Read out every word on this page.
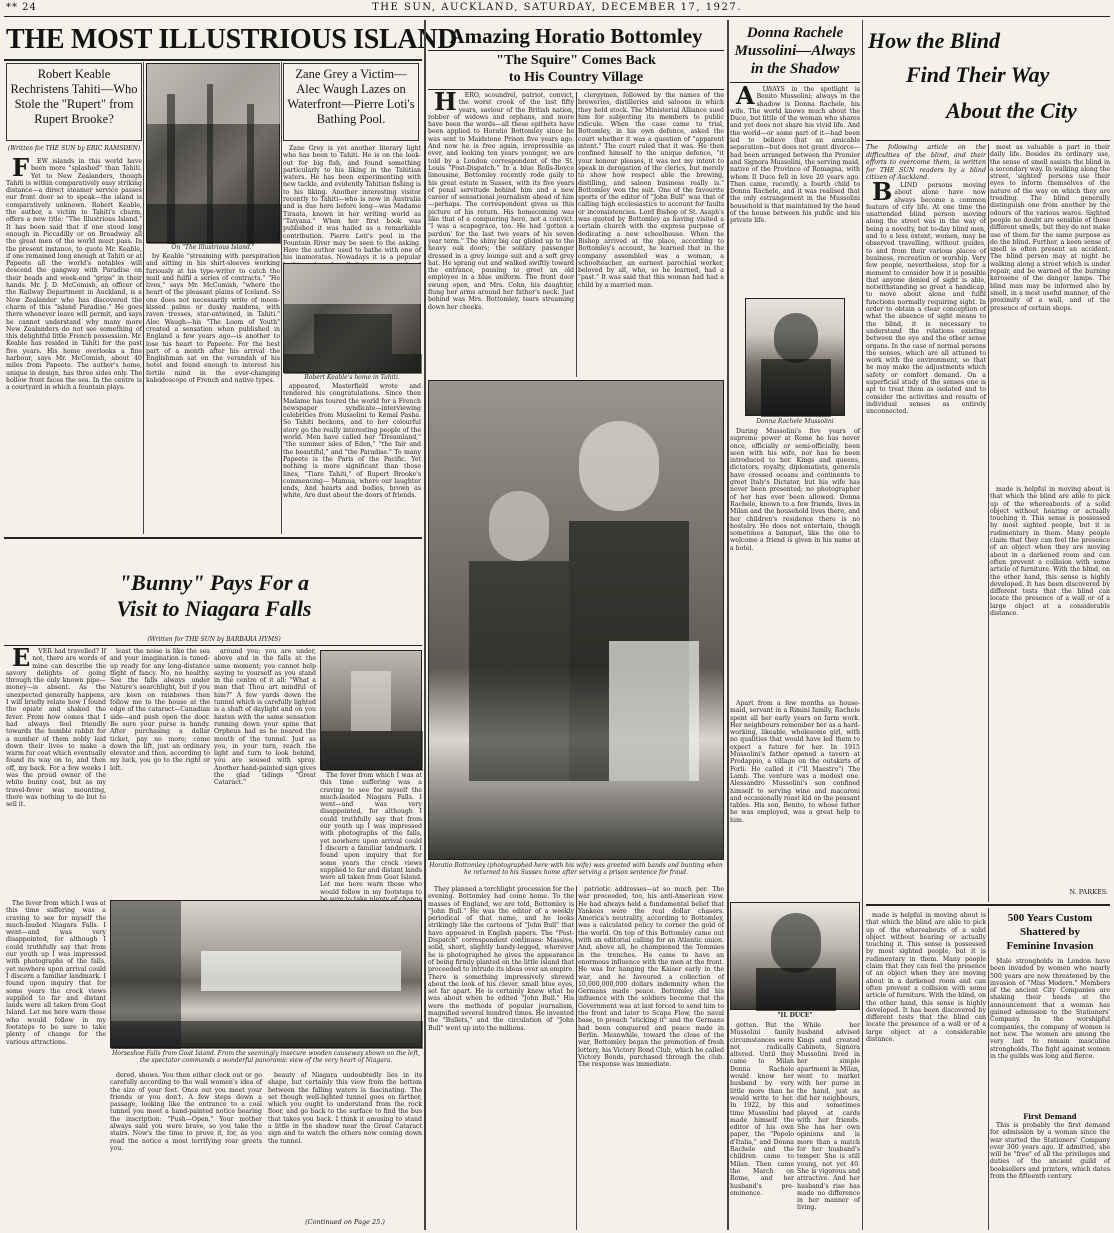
** 24	THE SUN, AUCKLAND, SATURDAY, DECEMBER 17, 1927.
THE MOST ILLUSTRIOUS ISLAND
Robert Keable Rechristens Tahiti—Who Stole the "Rupert" from Rupert Brooke?
Zane Grey a Victim—Alec Waugh Lazes on Waterfront—Pierre Loti's Bathing Pool.
On "The Illustrious Island."
(Written for THE SUN by ERIC RAMSDEN)

FEW islands in this world have been more "splashed" than Tahiti. Yet to New Zealanders, though Tahiti is within comparatively easy striking distance—a direct steamer service passes our front door so to speak—the island is comparatively unknown. Robert Keable, the author, a victim to Tahiti's charm, offers a new title: "The Illustrious Island." It has been said that if one stood long enough in Piccadilly or on Broadway all the great men of the world must pass. In the present instance, to quote Mr. Keable, if one remained long enough at Tahiti or at Papeete all the world's notables will descend the gangway with Paradise on their heads and week-end "grips" in their hands. Mr. J. D. McComish, an officer of the Railway Department in Auckland, is a New Zealander who has discovered the charm of this "island Paradise." He goes there whenever leave will permit, and says he cannot understand why many more New Zealanders do not see something of this delightful little French possession. Mr. Keable has resided in Tahiti for the past five years. His home overlooks a fine harbour, says Mr. McComish, about 40 miles from Papeete. The author's home, unique in design, has three sides only. The hollow front faces the sea. In the centre is a courtyard in which a fountain plays.

by Keable "streaming with perspiration and sitting in his shirt-sleeves working furiously at his type-writer to catch the mail and fulfil a series of contracts." "He lives," says Mr. McComish, "where the heart of the pleasant plains of Iceland. So one does not necessarily write of moon-kissed palms or dusky maidens, with raven tresses, star-entwined, in Tahiti." Alec Waugh—his "The Loom of Youth" created a sensation when published in England a few years ago—is another to lose his heart to Papeete. For the best part of a month after his arrival the Englishman sat on the verandah of his hotel and found enough to interest his fertile mind in the ever-changing kaleidoscope of French and native types.

Zane Grey is yet another literary light who has been to Tahiti. He is on the look-out for big fish, and found something particularly to his liking in the Tahitian waters. He has been experimenting with new tackle, and evidently Tahitian fishing is to his liking. Another interesting visitor recently to Tahiti—who is now in Australia and is due here before long—was Madame Tiraata, known in her writing world as "Tatyana." When her first book was published it was hailed as a remarkable contribution. Pierre Loti's pool in the Fountain River may be seen to the asking. Here the author used to bathe with one of his inamoratas. Nowadays it is a popular

Robert Keable's home in Tahiti.

appeared, Masterfield wrote and tendered his congratulations. Since then Madame has toured the world for a French newspaper syndicate—interviewing celebrities from Mussolini to Kemal Pasha. So Tahiti beckons, and to her colourful story go the really interesting people of the world. Men have called her "Dreamland," "the summer isles of Eden," "the fair and the beautiful," and "the Paradise." To many Papeete is the Paris of the Pacific. Yet nothing is more significant than those lines, "Tiare Tahiti," of Rupert Brooke's commencing— Mamua, where our laughter ends, And hearts and bodies, brown as white, Are dust about the doors of friends.

"Bunny" Pays For a
Visit to Niagara Falls
(Written for THE SUN by BARBARA HYMS)

EVER had travelled? If not, there are words of mine can describe the savory delights of going through the only known pipe—money—is absent. As the unexpected generally happens, I will briefly relate how I found the opiate and shaked the fever. From how comes that I had always feel friendly towards the humble rabbit for a number of them nobly laid down their lives to make a warm fur coat which eventually found its way on to, and then off, my back. For a few weeks I was the proud owner of the white bunny coat, but as my travel-fever was mounting, there was nothing to do but to sell it.

least the noise is like the sea and your imagination is tuned-up ready for any long-distance flight of fancy. No, no healthy. See the falls always under Nature's searchlight, but if you are keen on rainbows then follow me to the house at the edge of the cataract—Canadian side—and push open the door. Be sure your purse is handy. After purchasing a dollar ticket, pay no more; come down the lift, just an ordinary elevator and then, according to my luck, you go to the right or left.

around you; you are under, above and in the falls at the same moment; you cannot help saying to yourself as you stand in the centre of it all: "What a man that Thou art mindful of him?" A few yards down the tunnel which is carefully lighted is a shaft of daylight and on you hasten with the same sensation running down your spine that Orpheus had as he neared the mouth of the tunnel. Just as you, in your turn, reach the light and turn to look behind, you are soused with spray. Another hand-painted sign gives the glad tidings "Great Cataract."

The fever from which I was at this time suffering was a craving to see for myself the much-lauded Niagara Falls. I went—and was very disappointed, for although I could truthfully say that from our youth up I was impressed with photographs of the falls, yet nowhere upon arrival could I discern a familiar landmark. I found upon inquiry that for some years the crock views supplied to far and distant lands were all taken from Goat Island. Let me here warn those who would follow in my footsteps to

The fever from which I was at this time suffering was a craving to see for myself the much-lauded Niagara Falls. I went—and was very disappointed, for although I could truthfully say that from our youth up I was impressed with photographs of the falls, yet nowhere upon arrival could I discern a familiar landmark. I found upon inquiry that for some years the crock views supplied to far and distant lands were all taken from Goat Island. Let me here warn those who would follow in my footsteps to be sure to take plenty of change for the various attractions.

Horseshoe Falls from Goat Island. From the seemingly insecure wooden causeway shown on the left, the spectator commands a wonderful panoramic view of the very heart of Niagara.

dered, shows. You then either clock out or go carefully according to the wall women's idea of the size of your feet. Once out you meet your friends or you don't. A few steps down a passage, looking like the entrance to a coal tunnel you meet a hand-painted notice bearing the inscription: "Push—Open." Your mother always said you were brave, so you take the stairs. Now's the time to prove it, for, as you read the notice a most terrifying roar greets you.

beauty of Niagara undoubtedly lies in its shape, but certainly this view from the bottom between the falling waters is fascinating. The set though well-lighted tunnel goes on farther, which you ought to understand from the rock floor, and go back to the surface to find the bus that takes you back. I think it amusing to stand a little in the shadow near the Great Cataract sign and to watch the others now coming down the tunnel.

(Continued on Page 25.)
Amazing Horatio Bottomley
"The Squire" Comes Back
to His Country Village

HERO, scoundrel, patriot, convict, the worst crook of the last fifty years, saviour of the British nation, robber of widows and orphans, and more have been the words—all these epithets have been applied to Horatio Bottomley since he was sent to Maidstone Prison five years ago. And now he is free again, irrepressible as ever, and looking ten years younger, we are told by a London correspondent of the St. Louis "Post-Dispatch." In a blue Rolls-Royce limousine, Bottomley recently rode gaily to his great estate in Sussex, with its five years of penal servitude behind him and a new career of sensational journalism ahead of him—perhaps. The correspondent gives us this picture of his return. His homecoming was like that of a conquering hero, not a convict. "I was a scapegrace, too. He had 'gotten a pardon' for the last two years of his seven year term." The shiny big car glided up to the heavy oak doors; the solitary passenger dressed in a grey lounge suit and a soft grey hat. He sprang out and walked swiftly toward the entrance, pausing to greet an old employee in a blue uniform. The front door swung open, and Mrs. Cohn, his daughter, flung her arms around her father's neck. Just behind was Mrs. Bottomley, tears streaming down her cheeks.

clergymen, followed by the names of the breweries, distilleries and saloons in which they held stock. The Ministerial Alliance sued him for subjecting its members to public ridicule. When the case came to trial, Bottomley, in his own defence, asked the court whether it was a question of "apparent intent." The court ruled that it was. He then confined himself to the unique defence, "it your honour pleases, it was not my intent to speak in derogation of the clerics, but merely to show how respect able the brewing, distilling, and saloon business really is." Bottomley won the suit. One of the favourite sports of the editor of "John Bull" was that of calling high ecclesiastics to account for faults or inconsistencies. Lord Bishop of St. Asaph's was quoted by Bottomley as having visited a certain church with the express purpose of dedicating a new schoolhouse. When the Bishop arrived at the place, according to Bottomley's account, he learned that in the company assembled was a woman, a schoolteacher, an earnest parochial worker, beloved by all, who, so he learned, had a "past." It was said that this woman had had a child by a married man.

Horatio Bottomley (photographed here with his wife) was greeted with bands and bunting when he returned to his Sussex home after serving a prison sentence for fraud.

They planned a torchlight procession for the evening. Bottomley had come home. To the masses of England, we are told, Bottomley is "John Bull." He was the editor of a weekly periodical of that name, and he looks strikingly like the cartoons of "John Bull" that have appeared in English papers. The "Post-Dispatch" correspondent continues: Massive, solid, short, slightly bandy-legged, wherever he is photographed he gives the appearance of being firmly planted on the little island that proceeded to intrude its ideas over an empire. There is something impressively shrewd about the look of his clever, small blue eyes, set far apart. He is certainly knew what he was about when he edited "John Bull." His were the methods of popular journalism, magnified several hundred times. He invented the "Bullets," and the circulation of "John Bull" went up into the millions.

patriotic addresses—at so much per. The war proceeded, too, his anti-American view. He had always held a fundamental belief that Yankees were the real dollar chasers. America's neutrality, according to Bottomley, was a calculated policy to corner the gold of the world. On top of this Bottomley came out with an editorial calling for an Atlantic union. And, above all, he championed the Tommies in the trenches. He came to have an enormous influence with the men at the front. He was for hanging the Kaiser early in the war, and he favoured a collection of 10,000,000,000 dollars indemnity when the Germans made peace. Bottomley did his influence with the soldiers become that the Government was at last forced to send him to the front and later to Scapa Flow, the naval base, to preach "sticking it" and the Germans had been conquered and peace made in Berlin. Meanwhile, toward the close of the war, Bottomley began the promotion of fresh lottery, his Victory Bond Club, which he called Victory Bonds, purchased through the club. The response was immediate.

Donna Rachele
Mussolini—Always
in the Shadow

ALWAYS in the spotlight is Benito Mussolini; always in the shadow is Donna Rachele, his wife. The world knows much about the Duce, but little of the woman who shares and yet does not share his vivid life. And the world—or some part of it—had been led to believe that an amicable separation—but does not grant divorce—had been arranged between the Premier and Signora Mussolini, the serving maid, native of the Province of Romagna, with whom Il Duce fell in love 20 years ago. Then came, recently, a fourth child to Donna Rachele, and it was realised that the only estrangement in the Mussolini household is that maintained by the head of the house between his public and his private life.

Donna Rachele Mussolini

During Mussolini's five years of supreme power at Rome he has never once, officially or semi-officially, been seen with his wife, nor has he been introduced to her. Kings and queens, dictators, royalty, diplomatists, generals have crossed oceans and continents to greet Italy's Dictator, but his wife has never been presented; no photographer of her has ever been allowed. Donna Rachele, known to a few friends, lives in Milan and the household lives there, and her children's residence there is no hostelry. He does not entertain, though sometimes a banquet, like the one to welcome a friend is given in his name at a hotel.

Apart from a few months as house-maid, servant in a Rimini family, Rachele spent all her early years on farm work. Her neighbours remember her as a hard-working, likeable, wholesome girl, with no qualities that would have led them to expect a future for her. In 1915 Mussolini's father opened a tavern at Predappio, a village on the outskirts of Forli. He called it ("Il Maestro") The Lamb. The venture was a modest one. Alessandro Mussolini's son confined himself to serving wine and macaroni and occasionally roast kid on the peasant tables. His son, Benito, to whose father he was employed, was a great help to him.

"IL DUCE"

gotten. But the Mussolini family circumstances were not radically altered. Until they came to Milan Donna Rachele would know her husband by very little more than he would write to her. In 1922, by this time Mussolini had made himself the editor of his own paper, the "Popolo d'Italia," and Donna Rachele and the children came to Milan. Then came the March on Rome, and her husband's pre-eminence.

While her husband advised Kings and created Cabinets, Signora Mussolini lived in her simple apartment in Milan, went to market with her purse in the hand, just as did her neighbours, and sometimes played at cards with her friends. She has her own opinions and is more than a match for her husband's temper. She is still young, not yet 40. She is vigorous and attractive. And her husband's rise has made no difference in her manner of living.

How the Blind
Find Their Way
About the City
The following article on the difficulties of the blind, and their efforts to overcome them, is written for THE SUN readers by a blind citizen of Auckland.

BLIND persons moving about alone have now always become a common feature of city life. At one time the unattended blind person moving along the street was in the way of being a novelty, but to-day blind men, and to a less extent, women, may be observed travelling, without guides, to and from their various places of business, recreation or worship. Very few people, nevertheless, stop for a moment to consider how it is possible that anyone denied of sight is able, notwithstanding so great a handicap, to move about alone and fulfil functions normally requiring sight. In order to obtain a clear conception of what the absence of sight means to the blind, it is necessary to understand the relations existing between the eye and the other sense organs. In the case of normal persons the senses, which are all attuned to work with the environment, so that he may make the adjustments which safety or comfort demand. On a superficial study of the senses one is apt to treat them as isolated and to consider the activities and results of individual senses as entirely unconnected.

most as valuable a part in their daily life. Besides its ordinary use, the sense of smell assists the blind in a secondary way. In walking along the street, 'sighted' persons use their eyes to inform themselves of the nature of the way on which they are treading. The blind generally distinguish one from another by the odours of the various wares. Sighted people no doubt are sensible of these different smells, but they do not make use of them for the same purpose as do the blind. Further, a keen sense of smell is often present an accident. The blind person may at night be walking along a street which is under repair, and be warned of the burning kerosene of the danger lamps. The blind man may be informed also by smell, in a most useful manner, of the proximity of a wall, and of the presence of certain shops.

made is helpful in moving about is that which the blind are able to pick up of the whereabouts of a solid object without hearing or actually touching it. This sense is possessed by most sighted people, but it is rudimentary in them. Many people claim that they can feel the presence of an object when they are moving about in a darkened room and can often prevent a collision with some article of furniture. With the blind, on the other hand, this sense is highly developed. It has been discovered by different tests that the blind can locate the presence of a wall or of a large object at a considerable distance.

N. PARKES.
500 Years Custom
Shattered by
Feminine Invasion

made is helpful in moving about is that which the blind are able to pick up of the whereabouts of a solid object without hearing or actually touching it. This sense is possessed by most sighted people, but it is rudimentary in them. Many people claim that they can feel the presence of an object when they are moving about in a darkened room and can often prevent a collision with some article of furniture. With the blind, on the other hand, this sense is highly developed. It has been discovered by different tests that the blind can locate the presence of a wall or of a large object at a considerable distance.

Male strongholds in London have been invaded by women who nearly 500 years are now threatened by the invasion of "Miss Modern." Members of the ancient City Companies are shaking their heads at the announcement that a woman has gained admission to the Stationers' Company. In the worshipful companies, the company of women is not new. The women are among the very last to remain masculine strongholds. The fight against women in the guilds was long and fierce.

First Demand

This is probably the first demand for admission by a woman since the war started the Stationers' Company over 300 years ago. If admitted, she will be "free" of all the privileges and duties of the ancient guild of booksellers and printers, which dates from the fifteenth century.
